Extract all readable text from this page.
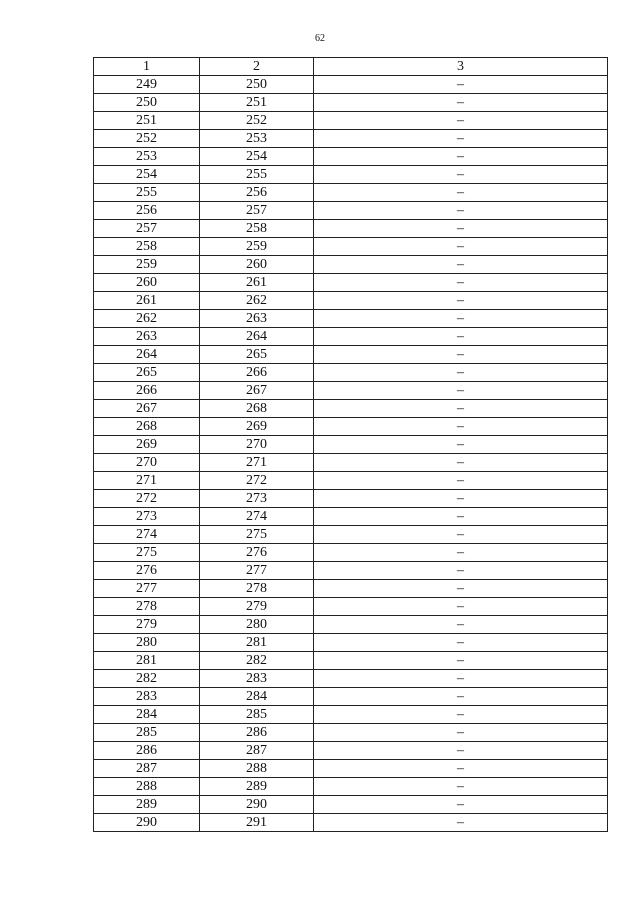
62
1	2	3
249	250	–
250	251	–
251	252	–
252	253	–
253	254	–
254	255	–
255	256	–
256	257	–
257	258	–
258	259	–
259	260	–
260	261	–
261	262	–
262	263	–
263	264	–
264	265	–
265	266	–
266	267	–
267	268	–
268	269	–
269	270	–
270	271	–
271	272	–
272	273	–
273	274	–
274	275	–
275	276	–
276	277	–
277	278	–
278	279	–
279	280	–
280	281	–
281	282	–
282	283	–
283	284	–
284	285	–
285	286	–
286	287	–
287	288	–
288	289	–
289	290	–
290	291	–
